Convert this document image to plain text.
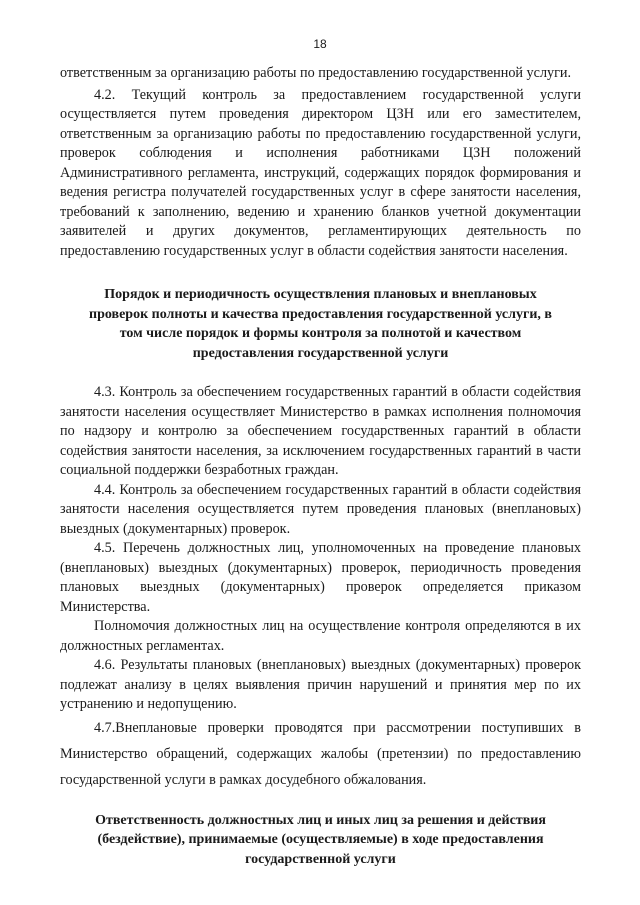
18

ответственным за организацию работы по предоставлению государственной услуги.

4.2. Текущий контроль за предоставлением государственной услуги осуществляется путем проведения директором ЦЗН или его заместителем, ответственным за организацию работы по предоставлению государственной услуги, проверок соблюдения и исполнения работниками ЦЗН положений Административного регламента, инструкций, содержащих порядок формирования и ведения регистра получателей государственных услуг в сфере занятости населения, требований к заполнению, ведению и хранению бланков учетной документации заявителей и других документов, регламентирующих деятельность по предоставлению государственных услуг в области содействия занятости населения.

Порядок и периодичность осуществления плановых и внеплановых проверок полноты и качества предоставления государственной услуги, в том числе порядок и формы контроля за полнотой и качеством предоставления государственной услуги

4.3. Контроль за обеспечением государственных гарантий в области содействия занятости населения осуществляет Министерство в рамках исполнения полномочия по надзору и контролю за обеспечением государственных гарантий в области содействия занятости населения, за исключением государственных гарантий в части социальной поддержки безработных граждан.

4.4. Контроль за обеспечением государственных гарантий в области содействия занятости населения осуществляется путем проведения плановых (внеплановых) выездных (документарных) проверок.

4.5. Перечень должностных лиц, уполномоченных на проведение плановых (внеплановых) выездных (документарных) проверок, периодичность проведения плановых выездных (документарных) проверок определяется приказом Министерства.

Полномочия должностных лиц на осуществление контроля определяются в их должностных регламентах.

4.6. Результаты плановых (внеплановых) выездных (документарных) проверок подлежат анализу в целях выявления причин нарушений и принятия мер по их устранению и недопущению.

4.7.Внеплановые проверки проводятся при рассмотрении поступивших в Министерство обращений, содержащих жалобы (претензии) по предоставлению государственной услуги в рамках досудебного обжалования.

Ответственность должностных лиц и иных лиц за решения и действия (бездействие), принимаемые (осуществляемые) в ходе предоставления государственной услуги
